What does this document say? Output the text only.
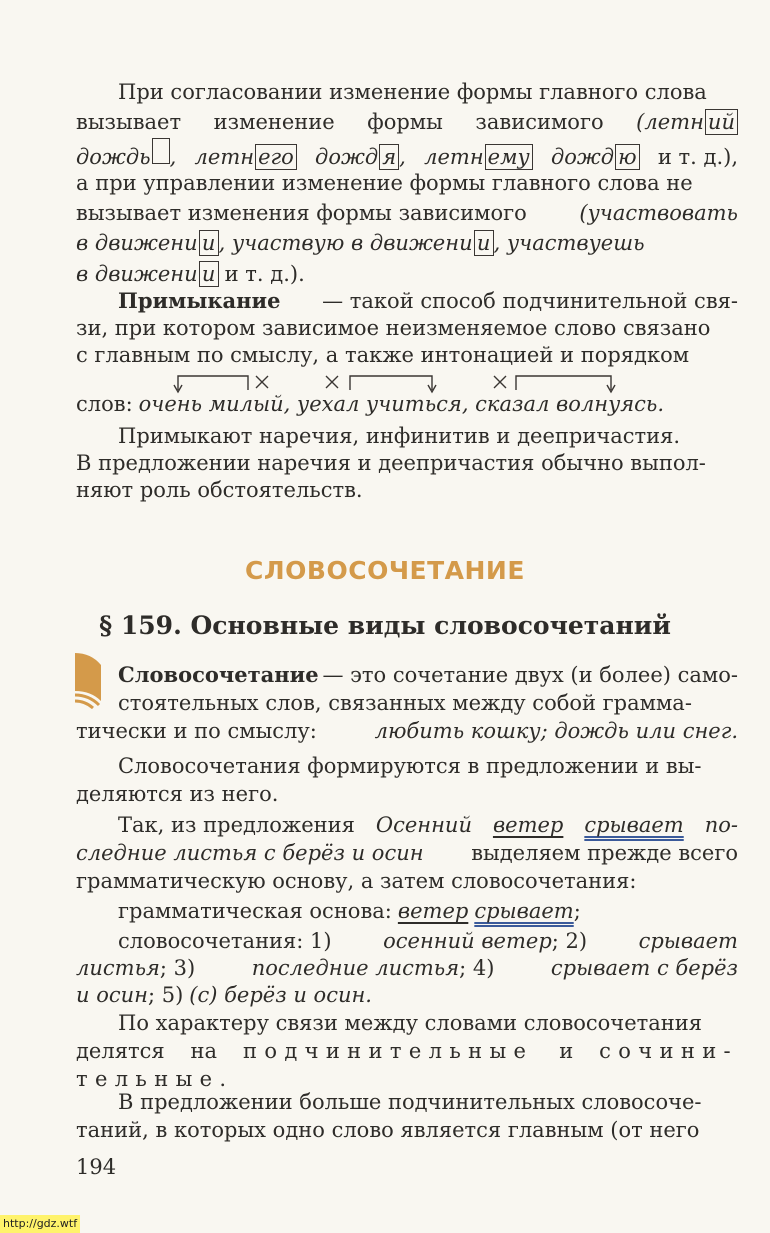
При согласовании изменение формы главного слова
вызывает изменение формы зависимого (летн ий
дождь , летн его дожд я , летн ему дожд ю и т. д.),
а при управлении изменение формы главного слова не
вызывает изменения формы зависимого	(участвовать
в движени и , участвую в движени и , участвуешь
в движени и и т. д.).
Примыкание — такой способ подчинительной свя-
зи, при котором зависимое неизменяемое слово связано
с главным по смыслу, а также интонацией и порядком
слов: очень милый, уехал учиться, сказал волнуясь.
Примыкают наречия, инфинитив и деепричастия.
В предложении наречия и деепричастия обычно выпол-
няют роль обстоятельств.
СЛОВОСОЧЕТАНИЕ
§ 159. Основные виды словосочетаний
Словосочетание — это сочетание двух (и более) само-
стоятельных слов, связанных между собой грамма-
тически и по смыслу:	любить кошку; дождь или снег.
Словосочетания формируются в предложении и вы-
деляются из него.
Так, из предложения Осенний ветер срывает по-
следние листья с берёз и осин выделяем прежде всего
грамматическую основу, а затем словосочетания:
грамматическая основа: ветер срывает;
словосочетания: 1) осенний ветер; 2) срывает
листья; 3)	последние листья; 4)	срывает с берёз
и осин; 5) (с) берёз и осин.
По характеру связи между словами словосочетания
делятся на подчинительные и сочини-
тельные.
В предложении больше подчинительных словосоче-
таний, в которых одно слово является главным (от него
194
http://gdz.wtf
